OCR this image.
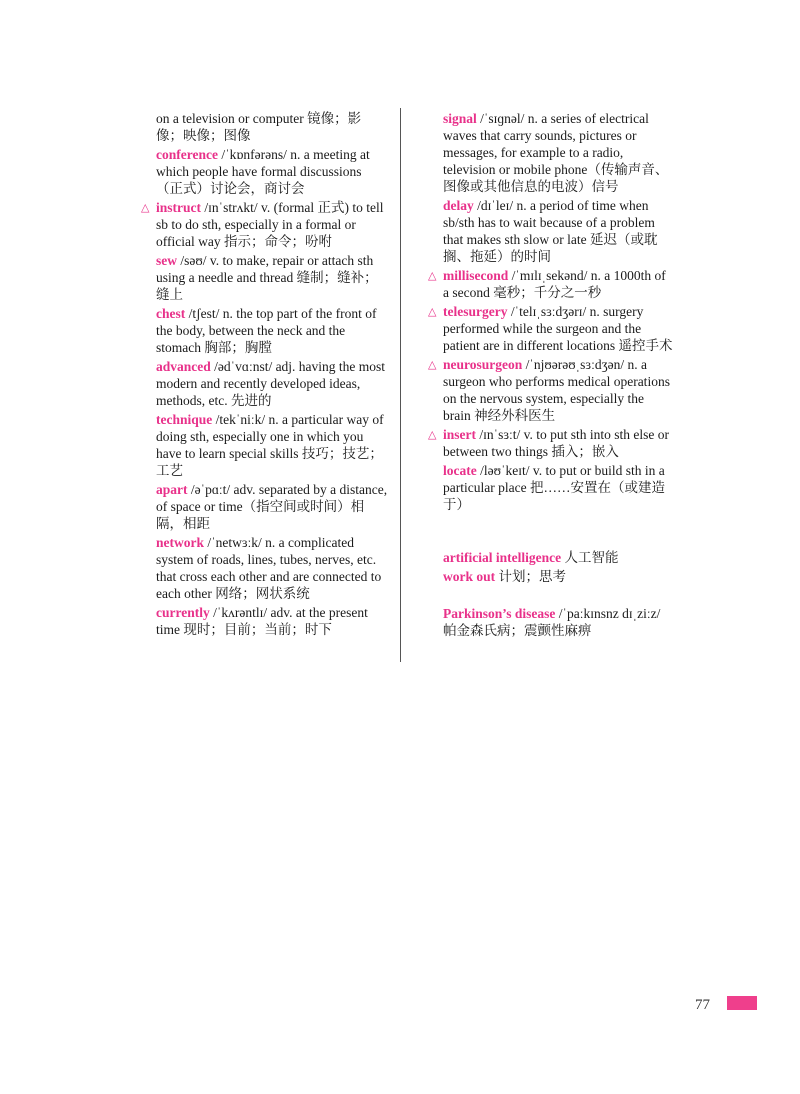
on a television or computer 镜像；影像；映像；图像
conference /ˈkɒnfərəns/ n. a meeting at which people have formal discussions（正式）讨论会，商讨会
△ instruct /ɪnˈstrʌkt/ v. (formal 正式) to tell sb to do sth, especially in a formal or official way 指示；命令；吩咐
sew /səʊ/ v. to make, repair or attach sth using a needle and thread 缝制；缝补；缝上
chest /tʃest/ n. the top part of the front of the body, between the neck and the stomach 胸部；胸膛
advanced /ədˈvɑːnst/ adj. having the most modern and recently developed ideas, methods, etc. 先进的
technique /tekˈniːk/ n. a particular way of doing sth, especially one in which you have to learn special skills 技巧；技艺；工艺
apart /əˈpɑːt/ adv. separated by a distance, of space or time（指空间或时间）相隔，相距
network /ˈnetwɜːk/ n. a complicated system of roads, lines, tubes, nerves, etc. that cross each other and are connected to each other 网络；网状系统
currently /ˈkʌrəntlɪ/ adv. at the present time 现时；目前；当前；时下
signal /ˈsɪɡnəl/ n. a series of electrical waves that carry sounds, pictures or messages, for example to a radio, television or mobile phone（传输声音、图像或其他信息的电波）信号
delay /dɪˈleɪ/ n. a period of time when sb/sth has to wait because of a problem that makes sth slow or late 延迟（或耽搁、拖延）的时间
△ millisecond /ˈmɪlɪˌsekənd/ n. a 1000th of a second 毫秒；千分之一秒
△ telesurgery /ˈtelɪˌsɜːdʒərɪ/ n. surgery performed while the surgeon and the patient are in different locations 遥控手术
△ neurosurgeon /ˈnjʊərəʊˌsɜːdʒən/ n. a surgeon who performs medical operations on the nervous system, especially the brain 神经外科医生
△ insert /ɪnˈsɜːt/ v. to put sth into sth else or between two things 插入；嵌入
locate /ləʊˈkeɪt/ v. to put or build sth in a particular place 把……安置在（或建造于）
artificial intelligence 人工智能
work out 计划；思考
Parkinson’s disease /ˈpaːkɪnsnz dɪˌziːz/ 帕金森氏病；震颤性麻痹
77
